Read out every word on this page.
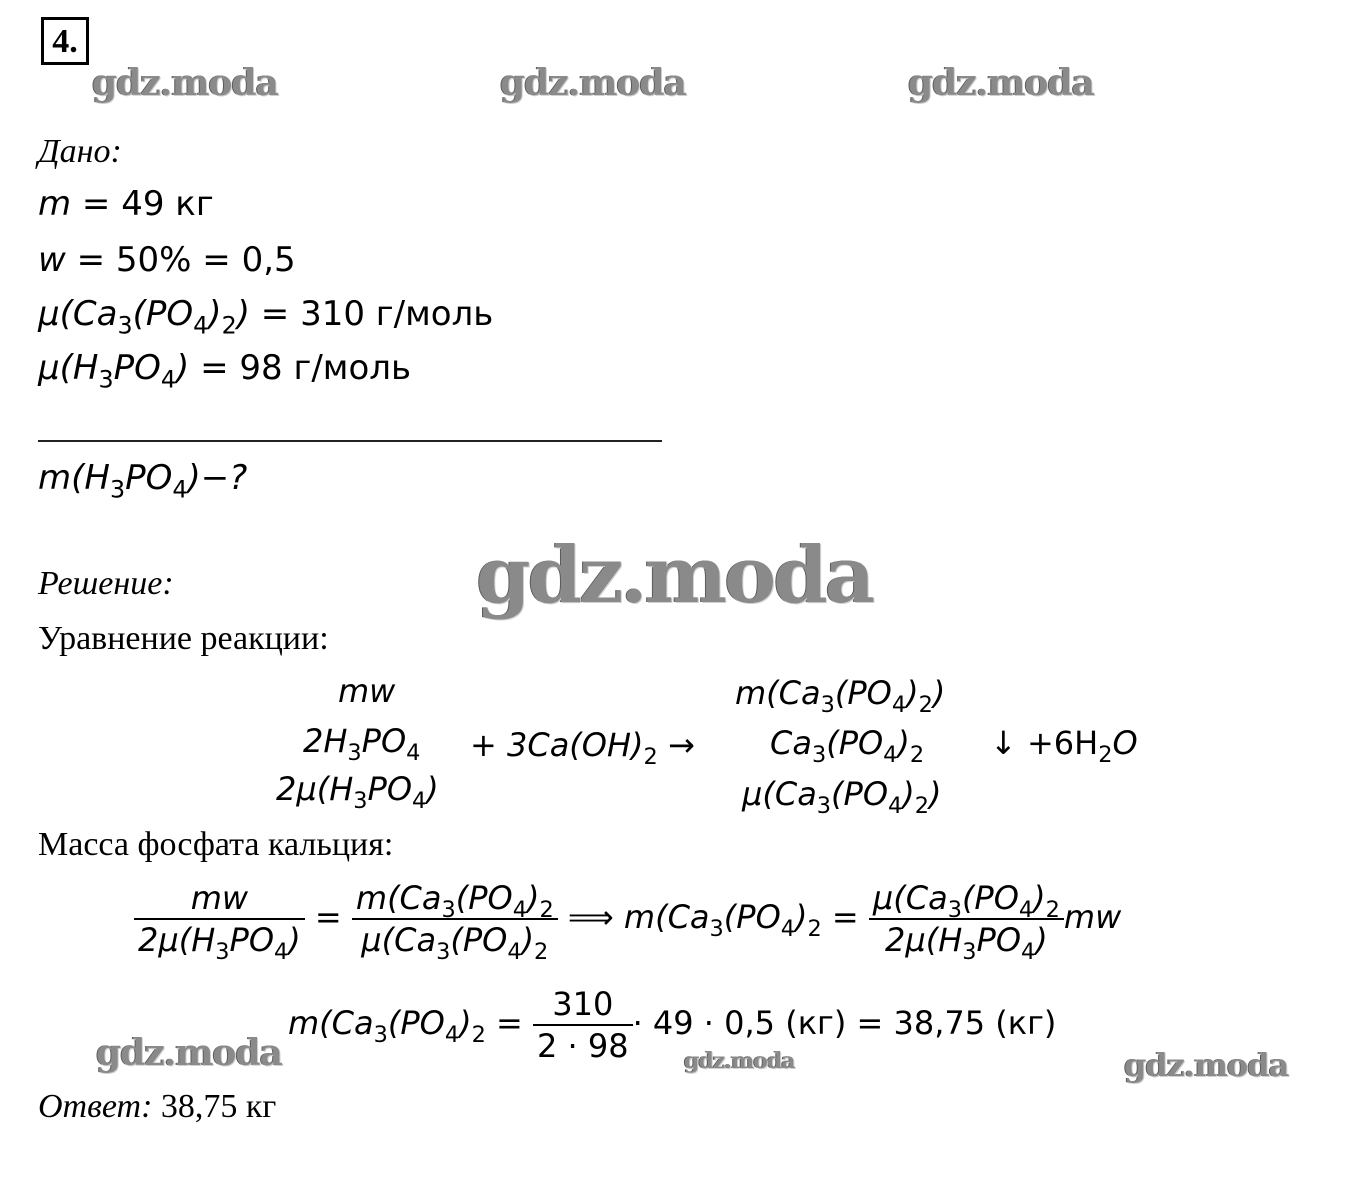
4.
gdz.moda	gdz.moda	gdz.moda
gdz.moda
gdz.moda	gdz.moda	gdz.moda
Дано:
m = 49 кг
w = 50% = 0,5
$\mu(Ca_3(PO_4)_2) = 310$ г/моль
$\mu(H_3PO_4) = 98$ г/моль
$m(H_3PO_4)-$?
Решение:
Уравнение реакции:
mw
$2H_3PO_4$
$2\mu(H_3PO_4)$
+ $3Ca(OH)_2$ →
$m(Ca_3(PO_4)_2)$
$Ca_3(PO_4)_2$
$\mu(Ca_3(PO_4)_2)$
↓ $+6H_2O$
Масса фосфата кальция:
$\frac{mw}{2\mu(H_3PO_4)} = \frac{m(Ca_3(PO_4)_2}{\mu(Ca_3(PO_4)_2}$ ⟹ $m(Ca_3(PO_4)_2 = \frac{\mu(Ca_3(PO_4)_2}{2\mu(H_3PO_4)}$ mw
$m(Ca_3(PO_4)_2 = \frac{310}{2 \cdot 98} \cdot 49 \cdot 0,5$ (кг) = 38,75 (кг)
Ответ: 38,75 кг
